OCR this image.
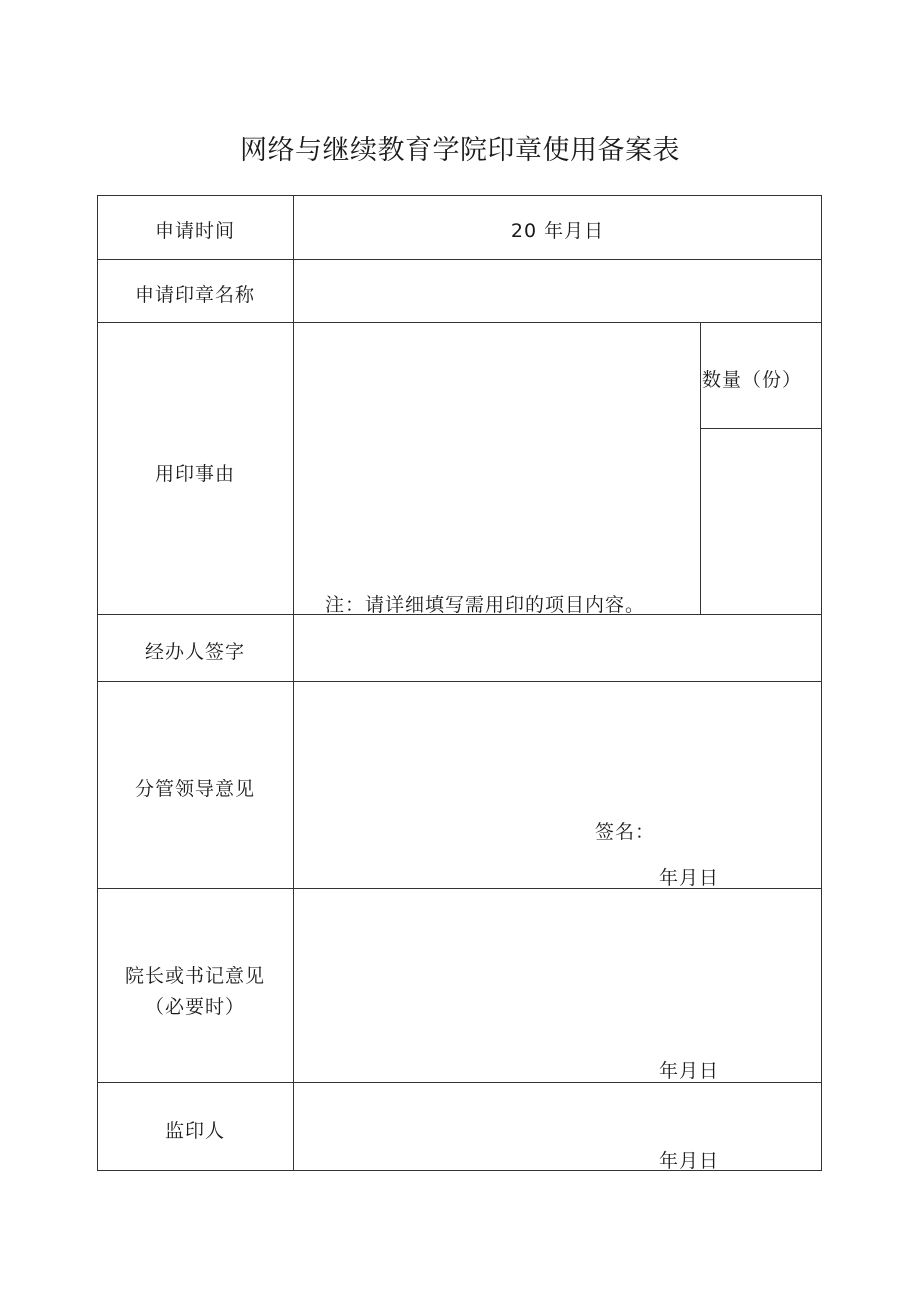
网络与继续教育学院印章使用备案表
申请时间	20 年月日
申请印章名称
用印事由
注：请详细填写需用印的项目内容。
数量（份）
经办人签字
分管领导意见
签名：
年月日
院长或书记意见
（必要时）
年月日
监印人
年月日
